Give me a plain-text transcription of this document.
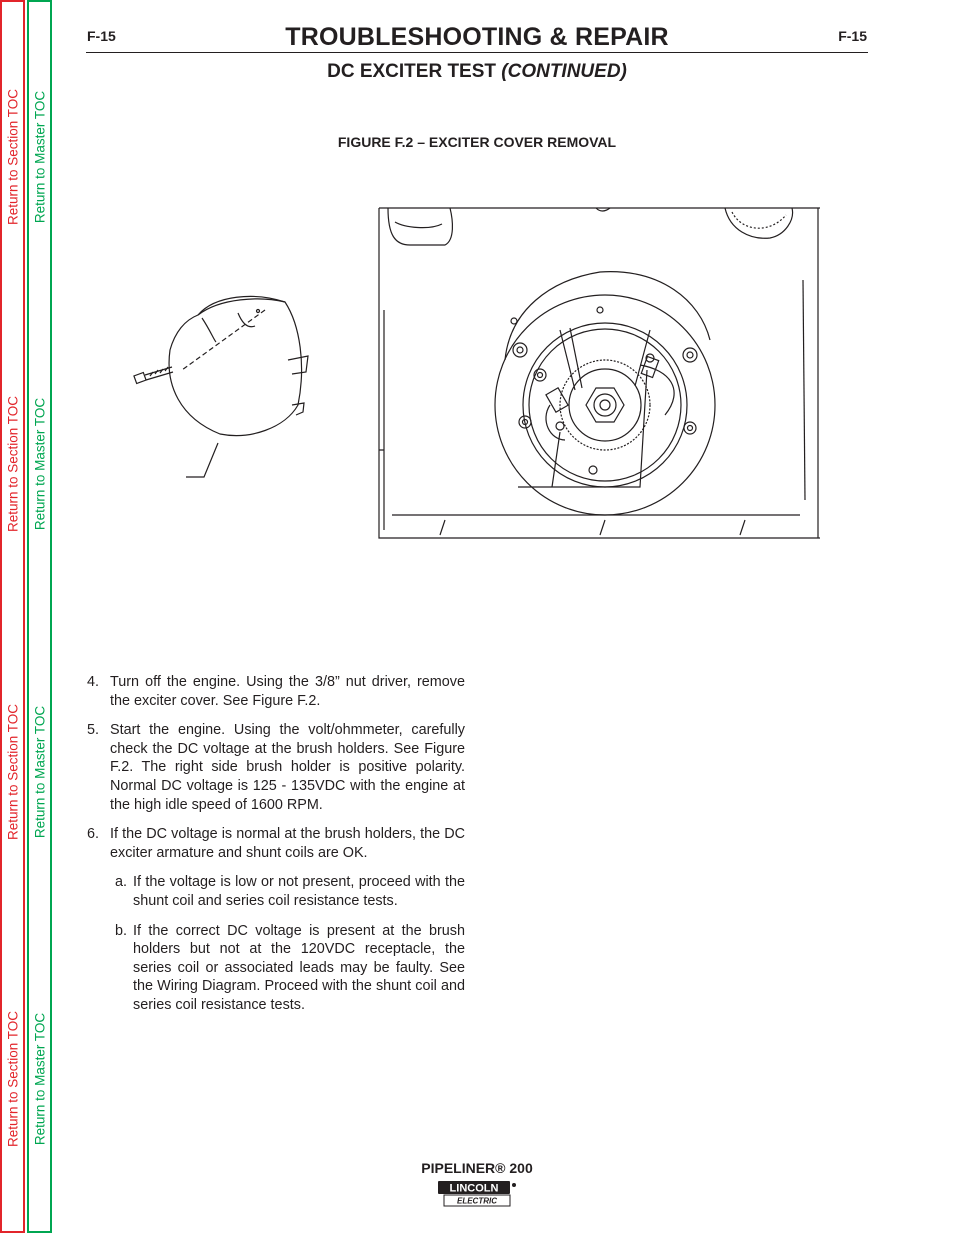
Return to Section TOC
Return to Section TOC
Return to Section TOC
Return to Section TOC
Return to Master TOC
Return to Master TOC
Return to Master TOC
Return to Master TOC
F-15	F-15
TROUBLESHOOTING & REPAIR
DC EXCITER TEST (CONTINUED)
FIGURE F.2 – EXCITER COVER REMOVAL
4. Turn off the engine. Using the 3/8” nut driver, remove the exciter cover. See Figure F.2.
5. Start the engine. Using the volt/ohmmeter, carefully check the DC voltage at the brush holders. See Figure F.2. The right side brush holder is positive polarity. Normal DC voltage is 125 - 135VDC with the engine at the high idle speed of 1600 RPM.
6. If the DC voltage is normal at the brush holders, the DC exciter armature and shunt coils are OK.
a. If the voltage is low or not present, proceed with the shunt coil and series coil resistance tests.
b. If the correct DC voltage is present at the brush holders but not at the 120VDC receptacle, the series coil or associated leads may be faulty. See the Wiring Diagram. Proceed with the shunt coil and series coil resistance tests.
PIPELINER® 200
LINCOLN
ELECTRIC
